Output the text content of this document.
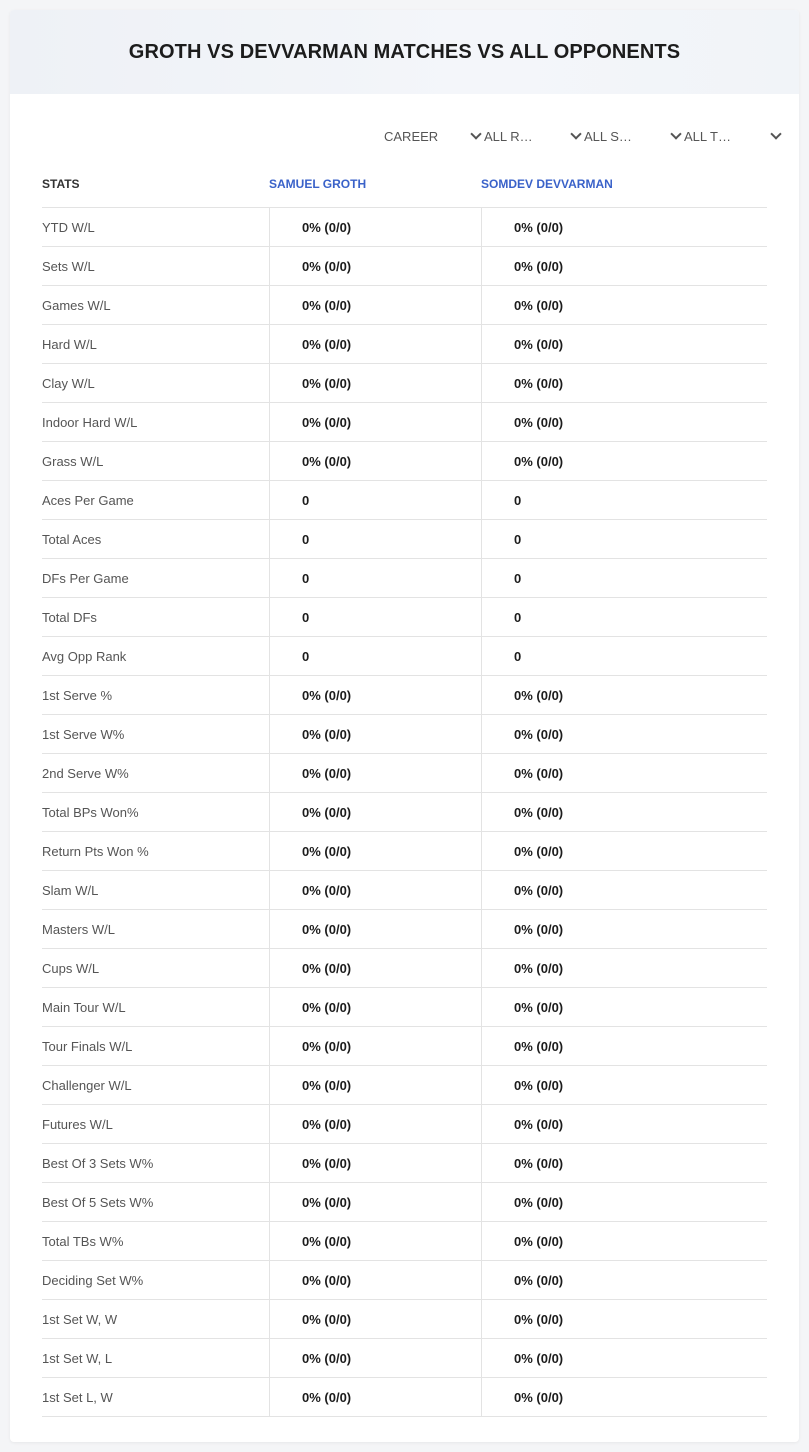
GROTH VS DEVVARMAN MATCHES VS ALL OPPONENTS
CAREER	ALL R…	ALL S…	ALL T…
STATS	SAMUEL GROTH	SOMDEV DEVVARMAN
YTD W/L	0% (0/0)	0% (0/0)
Sets W/L	0% (0/0)	0% (0/0)
Games W/L	0% (0/0)	0% (0/0)
Hard W/L	0% (0/0)	0% (0/0)
Clay W/L	0% (0/0)	0% (0/0)
Indoor Hard W/L	0% (0/0)	0% (0/0)
Grass W/L	0% (0/0)	0% (0/0)
Aces Per Game	0	0
Total Aces	0	0
DFs Per Game	0	0
Total DFs	0	0
Avg Opp Rank	0	0
1st Serve %	0% (0/0)	0% (0/0)
1st Serve W%	0% (0/0)	0% (0/0)
2nd Serve W%	0% (0/0)	0% (0/0)
Total BPs Won%	0% (0/0)	0% (0/0)
Return Pts Won %	0% (0/0)	0% (0/0)
Slam W/L	0% (0/0)	0% (0/0)
Masters W/L	0% (0/0)	0% (0/0)
Cups W/L	0% (0/0)	0% (0/0)
Main Tour W/L	0% (0/0)	0% (0/0)
Tour Finals W/L	0% (0/0)	0% (0/0)
Challenger W/L	0% (0/0)	0% (0/0)
Futures W/L	0% (0/0)	0% (0/0)
Best Of 3 Sets W%	0% (0/0)	0% (0/0)
Best Of 5 Sets W%	0% (0/0)	0% (0/0)
Total TBs W%	0% (0/0)	0% (0/0)
Deciding Set W%	0% (0/0)	0% (0/0)
1st Set W, W	0% (0/0)	0% (0/0)
1st Set W, L	0% (0/0)	0% (0/0)
1st Set L, W	0% (0/0)	0% (0/0)
